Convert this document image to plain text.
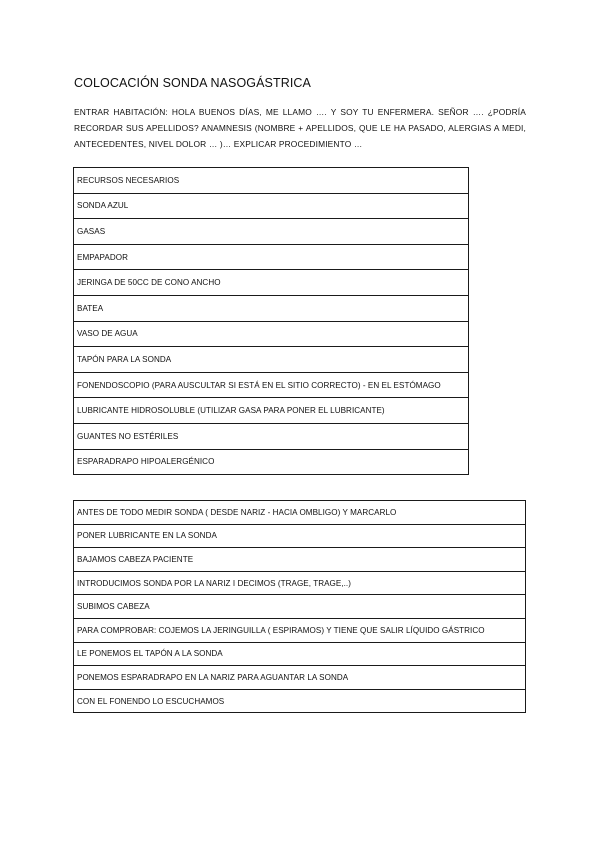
COLOCACIÓN SONDA NASOGÁSTRICA
ENTRAR HABITACIÓN: HOLA BUENOS DÍAS, ME LLAMO …. Y SOY TU ENFERMERA. SEÑOR …. ¿PODRÍA RECORDAR SUS APELLIDOS? ANAMNESIS (NOMBRE + APELLIDOS, QUE LE HA PASADO, ALERGIAS A MEDI, ANTECEDENTES, NIVEL DOLOR … )… EXPLICAR PROCEDIMIENTO …
RECURSOS NECESARIOS
SONDA AZUL
GASAS
EMPAPADOR
JERINGA DE 50CC DE CONO ANCHO
BATEA
VASO DE AGUA
TAPÓN PARA LA SONDA
FONENDOSCOPIO (PARA AUSCULTAR SI ESTÁ EN EL SITIO CORRECTO) - EN EL ESTÓMAGO
LUBRICANTE HIDROSOLUBLE (UTILIZAR GASA PARA PONER EL LUBRICANTE)
GUANTES NO ESTÉRILES
ESPARADRAPO HIPOALERGÉNICO
ANTES DE TODO MEDIR SONDA ( DESDE NARIZ - HACIA OMBLIGO) Y MARCARLO
PONER LUBRICANTE EN LA SONDA
BAJAMOS CABEZA PACIENTE
INTRODUCIMOS SONDA POR LA NARIZ I DECIMOS (TRAGE, TRAGE,..)
SUBIMOS CABEZA
PARA COMPROBAR: COJEMOS LA JERINGUILLA ( ESPIRAMOS) Y TIENE QUE SALIR LÍQUIDO GÁSTRICO
LE PONEMOS EL TAPÓN A LA SONDA
PONEMOS ESPARADRAPO EN LA NARIZ PARA AGUANTAR LA SONDA
CON EL FONENDO LO ESCUCHAMOS
